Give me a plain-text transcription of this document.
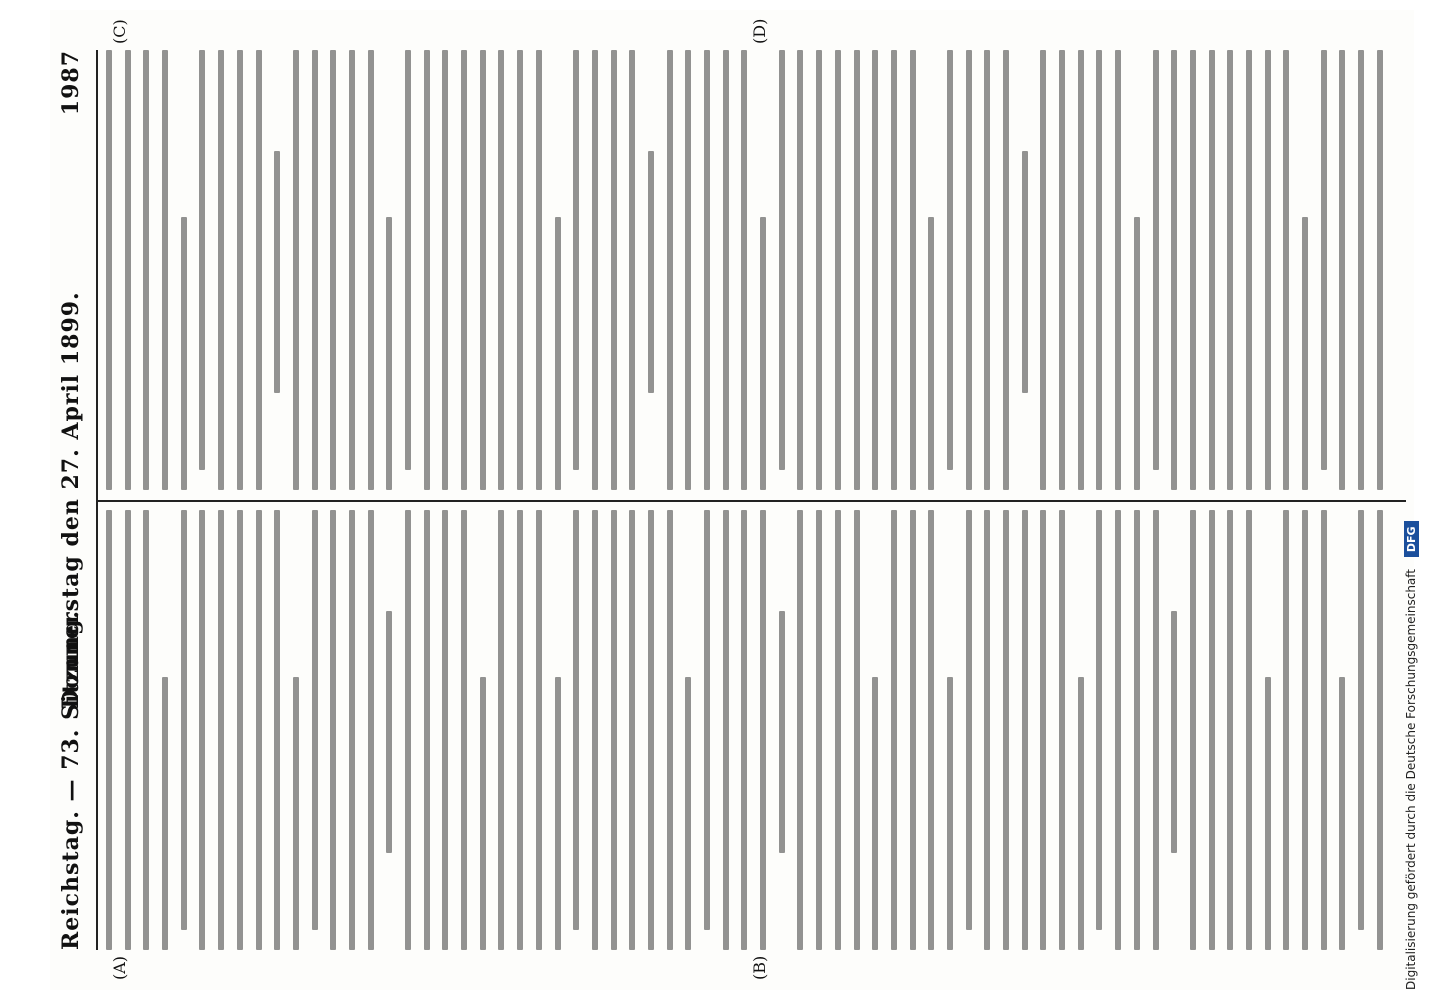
Reichstag. — 73. Sitzung.
Donnerstag den 27. April 1899.
1987
(A)	(B)
(C)	(D)
Digitalisierung gefördert durch die Deutsche Forschungsgemeinschaft DFG
